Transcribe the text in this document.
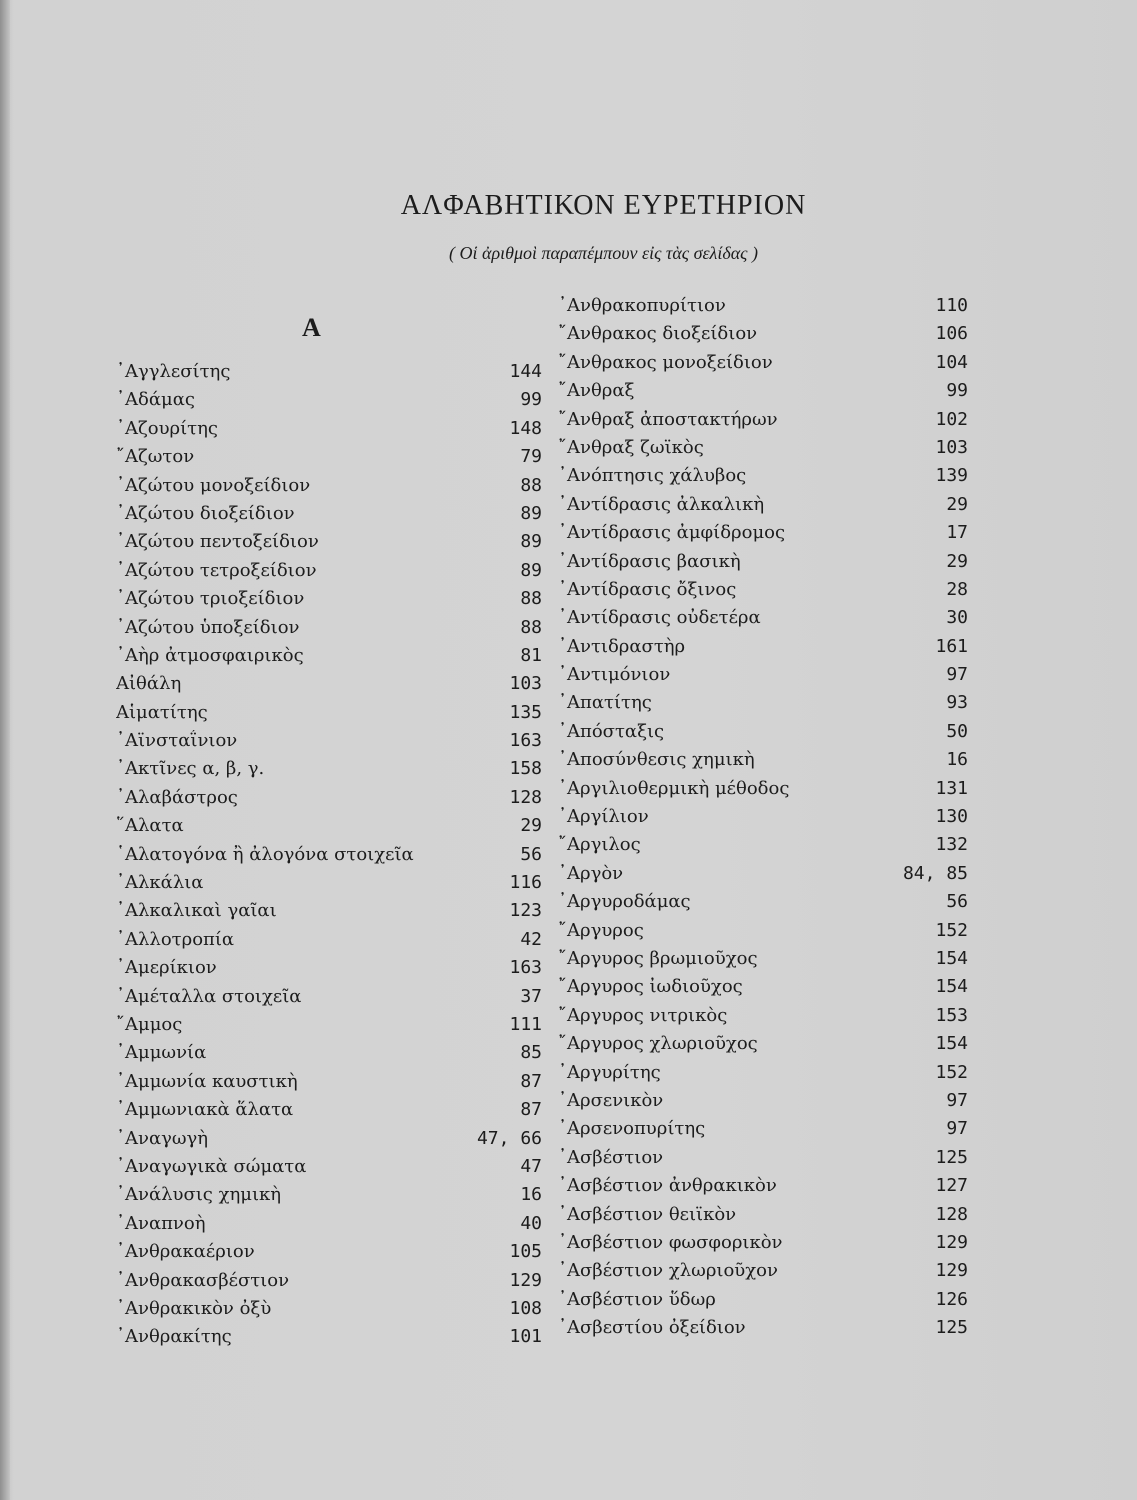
ΑΛΦΑΒΗΤΙΚΟΝ ΕΥΡΕΤΗΡΙΟΝ
( Οἱ ἀριθμοὶ παραπέμπουν εἰς τὰς σελίδας )
Α
᾿Αγγλεσίτης	144
᾿Αδάμας	99
᾿Αζουρίτης	148
῎Αζωτον	79
᾿Αζώτου μονοξείδιον	88
᾿Αζώτου διοξείδιον	89
᾿Αζώτου πεντοξείδιον	89
᾿Αζώτου τετροξείδιον	89
᾿Αζώτου τριοξείδιον	88
᾿Αζώτου ὑποξείδιον	88
᾿Αὴρ ἀτμοσφαιρικὸς	81
Αἰθάλη	103
Αἱματίτης	135
᾿Αϊνσταΐνιον	163
᾿Ακτῖνες α, β, γ.	158
᾿Αλαβάστρος	128
῞Αλατα	29
῾Αλατογόνα ἢ ἀλογόνα στοιχεῖα	56
᾿Αλκάλια	116
᾿Αλκαλικαὶ γαῖαι	123
᾿Αλλοτροπία	42
᾿Αμερίκιον	163
᾿Αμέταλλα στοιχεῖα	37
῎Αμμος	111
᾿Αμμωνία	85
᾿Αμμωνία καυστικὴ	87
᾿Αμμωνιακὰ ἅλατα	87
᾿Αναγωγὴ	47, 66
᾿Αναγωγικὰ σώματα	47
᾿Ανάλυσις χημικὴ	16
᾿Αναπνοὴ	40
᾿Ανθρακαέριον	105
᾿Ανθρακασβέστιον	129
᾿Ανθρακικὸν ὀξὺ	108
᾿Ανθρακίτης	101
᾿Ανθρακοπυρίτιον	110
῎Ανθρακος διοξείδιον	106
῎Ανθρακος μονοξείδιον	104
῎Ανθραξ	99
῎Ανθραξ ἀποστακτήρων	102
῎Ανθραξ ζωϊκὸς	103
᾿Ανόπτησις χάλυβος	139
᾿Αντίδρασις ἀλκαλικὴ	29
᾿Αντίδρασις ἀμφίδρομος	17
᾿Αντίδρασις βασικὴ	29
᾿Αντίδρασις ὄξινος	28
᾿Αντίδρασις οὐδετέρα	30
᾿Αντιδραστὴρ	161
᾿Αντιμόνιον	97
᾿Απατίτης	93
᾿Απόσταξις	50
᾿Αποσύνθεσις χημικὴ	16
᾿Αργιλιοθερμικὴ μέθοδος	131
᾿Αργίλιον	130
῎Αργιλος	132
᾿Αργὸν	84, 85
᾿Αργυροδάμας	56
῎Αργυρος	152
῎Αργυρος βρωμιοῦχος	154
῎Αργυρος ἰωδιοῦχος	154
῎Αργυρος νιτρικὸς	153
῎Αργυρος χλωριοῦχος	154
᾿Αργυρίτης	152
᾿Αρσενικὸν	97
᾿Αρσενοπυρίτης	97
᾿Ασβέστιον	125
᾿Ασβέστιον ἀνθρακικὸν	127
᾿Ασβέστιον θειϊκὸν	128
᾿Ασβέστιον φωσφορικὸν	129
᾿Ασβέστιον χλωριοῦχον	129
᾿Ασβέστιον ὕδωρ	126
᾿Ασβεστίου ὀξείδιον	125
